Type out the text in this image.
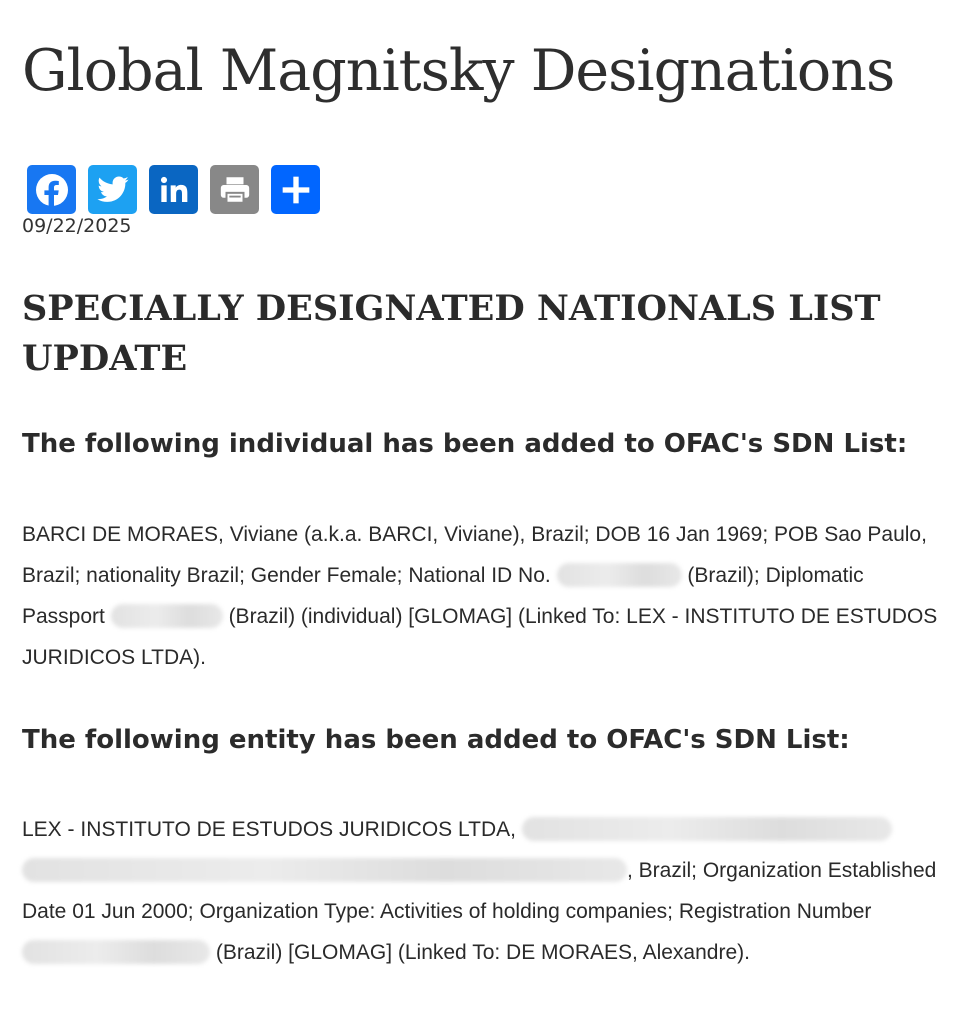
Global Magnitsky Designations
09/22/2025
SPECIALLY DESIGNATED NATIONALS LIST UPDATE
The following individual has been added to OFAC's SDN List:

BARCI DE MORAES, Viviane (a.k.a. BARCI, Viviane), Brazil; DOB 16 Jan 1969; POB Sao Paulo, Brazil; nationality Brazil; Gender Female; National ID No.	(Brazil); Diplomatic Passport	(Brazil) (individual) [GLOMAG] (Linked To: LEX - INSTITUTO DE ESTUDOS JURIDICOS LTDA).

The following entity has been added to OFAC's SDN List:

LEX - INSTITUTO DE ESTUDOS JURIDICOS LTDA,  , Brazil; Organization Established Date 01 Jun 2000; Organization Type: Activities of holding companies; Registration Number  (Brazil) [GLOMAG] (Linked To: DE MORAES, Alexandre).
